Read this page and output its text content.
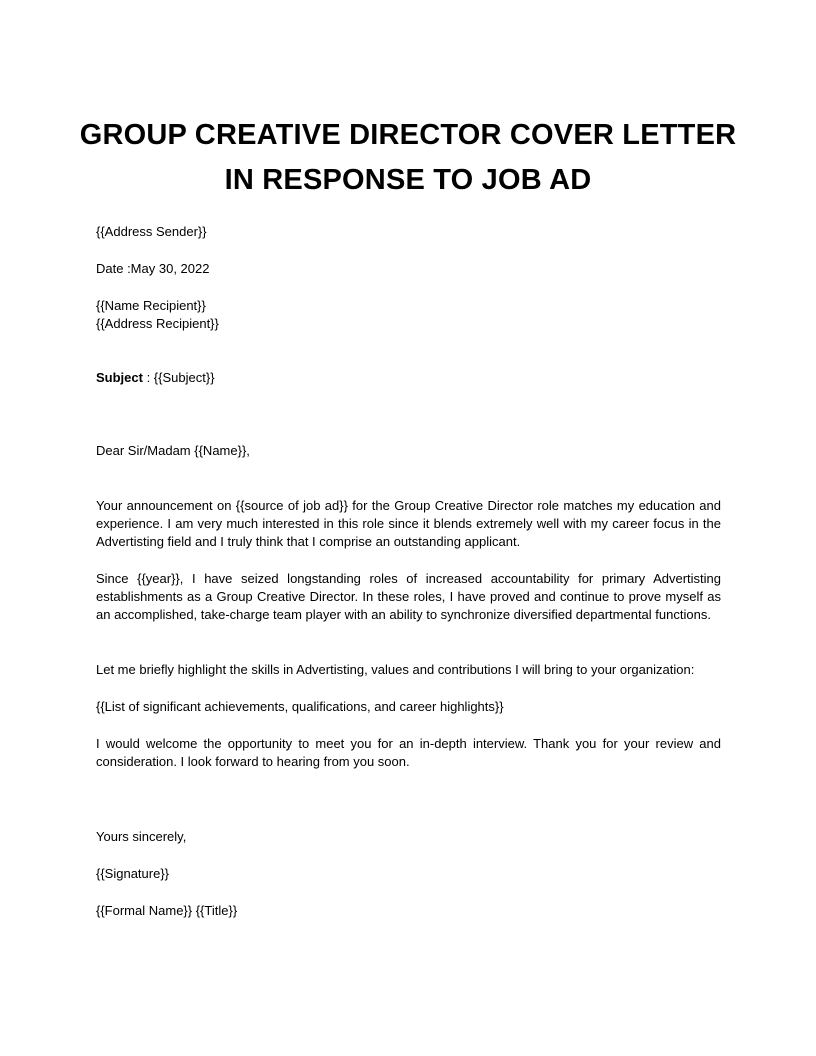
GROUP CREATIVE DIRECTOR COVER LETTER
IN RESPONSE TO JOB AD
{{Address Sender}}
Date :May 30, 2022
{{Name Recipient}}
{{Address Recipient}}
Subject : {{Subject}}
Dear Sir/Madam {{Name}},
Your announcement on {{source of job ad}} for the Group Creative Director role matches my education and experience. I am very much interested in this role since it blends extremely well with my career focus in the Advertisting field and I truly think that I comprise an outstanding applicant.
Since {{year}}, I have seized longstanding roles of increased accountability for primary Advertisting establishments as a Group Creative Director. In these roles, I have proved and continue to prove myself as an accomplished, take-charge team player with an ability to synchronize diversified departmental functions.
Let me briefly highlight the skills in Advertisting, values and contributions I will bring to your organization:
{{List of significant achievements, qualifications, and career highlights}}
I would welcome the opportunity to meet you for an in-depth interview. Thank you for your review and consideration. I look forward to hearing from you soon.
Yours sincerely,
{{Signature}}
{{Formal Name}} {{Title}}
